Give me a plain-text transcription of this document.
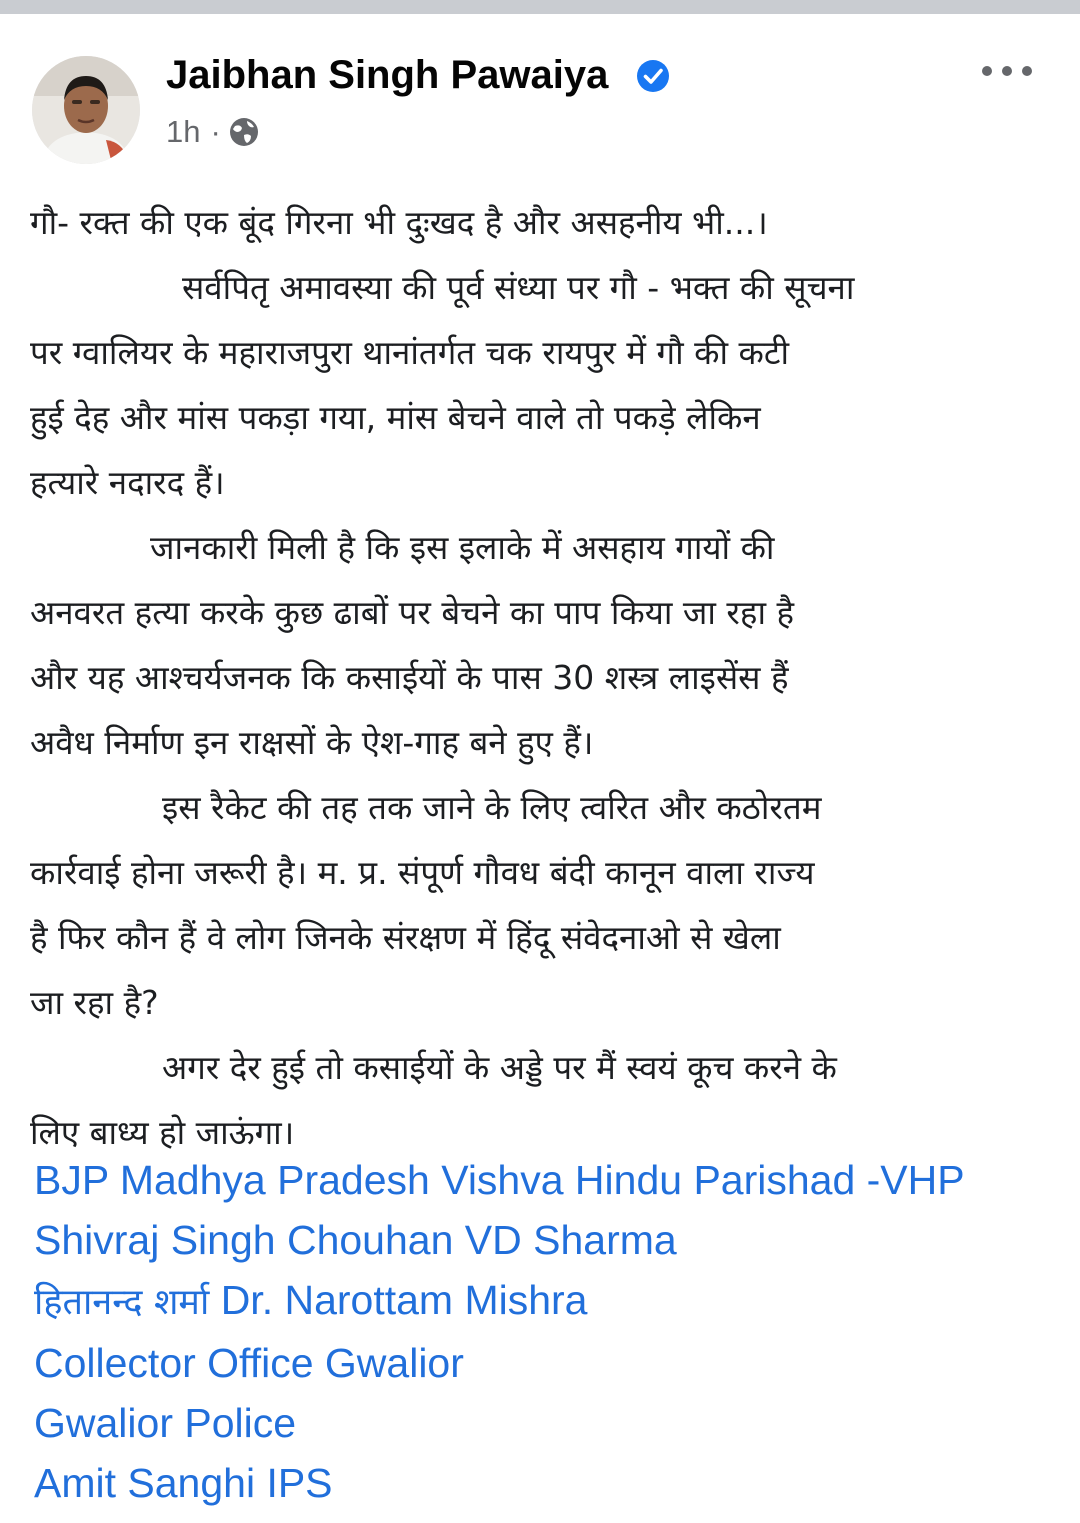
Jaibhan Singh Pawaiya
1h ·

गौ- रक्त की एक बूंद गिरना भी दुःखद है और असहनीय भी...।

सर्वपितृ अमावस्या की पूर्व संध्या पर गौ - भक्त की सूचना

पर ग्वालियर के महाराजपुरा थानांतर्गत चक रायपुर में गौ की कटी

हुई देह और मांस पकड़ा गया, मांस बेचने वाले तो पकड़े लेकिन

हत्यारे नदारद हैं।

जानकारी मिली है कि इस इलाके में असहाय गायों की

अनवरत हत्या करके कुछ ढाबों पर बेचने का पाप किया जा रहा है

और यह आश्चर्यजनक कि कसाईयों के पास 30 शस्त्र लाइसेंस हैं

अवैध निर्माण इन राक्षसों के ऐश-गाह बने हुए हैं।

इस रैकेट की तह तक जाने के लिए त्वरित और कठोरतम

कार्रवाई होना जरूरी है। म. प्र. संपूर्ण गौवध बंदी कानून वाला राज्य

है फिर कौन हैं वे लोग जिनके संरक्षण में हिंदू संवेदनाओ से खेला

जा रहा है?

अगर देर हुई तो कसाईयों के अड्डे पर मैं स्वयं कूच करने के

लिए बाध्य हो जाऊंगा।

BJP Madhya Pradesh Vishva Hindu Parishad -VHP
Shivraj Singh Chouhan VD Sharma
हितानन्द शर्मा Dr. Narottam Mishra
Collector Office Gwalior
Gwalior Police
Amit Sanghi IPS
